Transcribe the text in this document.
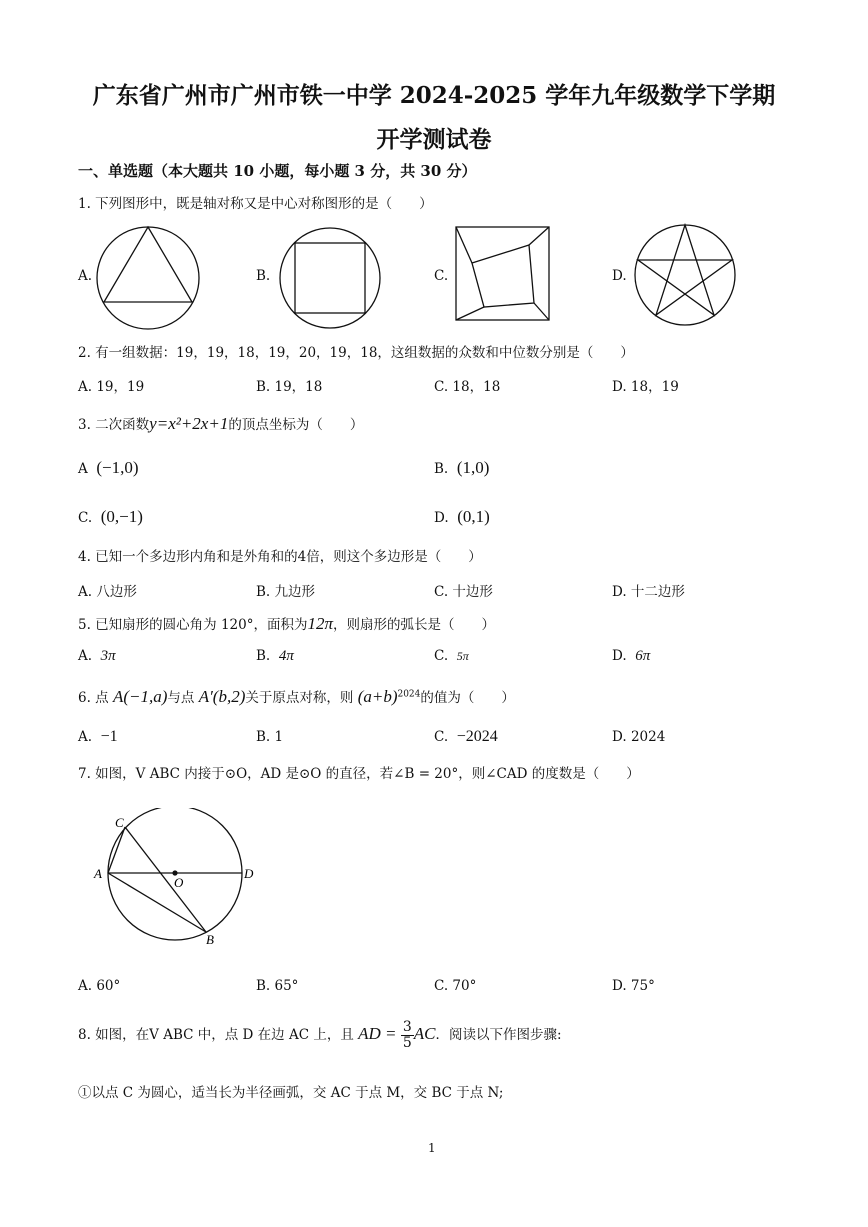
广东省广州市广州市铁一中学 2024-2025 学年九年级数学下学期
开学测试卷
一、单选题（本大题共 10 小题，每小题 3 分，共 30 分）
1. 下列图形中，既是轴对称又是中心对称图形的是（　　）
A.	B.	C.	D.
2. 有一组数据：19，19，18，19，20，19，18，这组数据的众数和中位数分别是（　　）
A. 19，19	B. 19，18	C. 18，18	D. 18，19
3. 二次函数y=x²+2x+1的顶点坐标为（　　）
A (−1,0)	B. (1,0)
C. (0,−1)	D. (0,1)
4. 已知一个多边形内角和是外角和的4倍，则这个多边形是（　　）
A. 八边形	B. 九边形	C. 十边形	D. 十二边形
5. 已知扇形的圆心角为 120°，面积为12π，则扇形的弧长是（　　）
A. 3π	B. 4π	C. 5π	D. 6π
6. 点 A(−1,a)与点 A′(b,2)关于原点对称，则 $(a+b)^{2024}$的值为（　　）
A. −1	B. 1	C. −2024	D. 2024
7. 如图，V ABC 内接于⊙O，AD 是⊙O 的直径，若∠B = 20°，则∠CAD 的度数是（　　）
C
A
O
D
B
A. 60°	B. 65°	C. 70°	D. 75°
8. 如图，在V ABC 中，点 D 在边 AC 上，且 AD = $\frac{3}{5}$ AC．阅读以下作图步骤:
①以点 C 为圆心，适当长为半径画弧，交 AC 于点 M，交 BC 于点 N;
1
